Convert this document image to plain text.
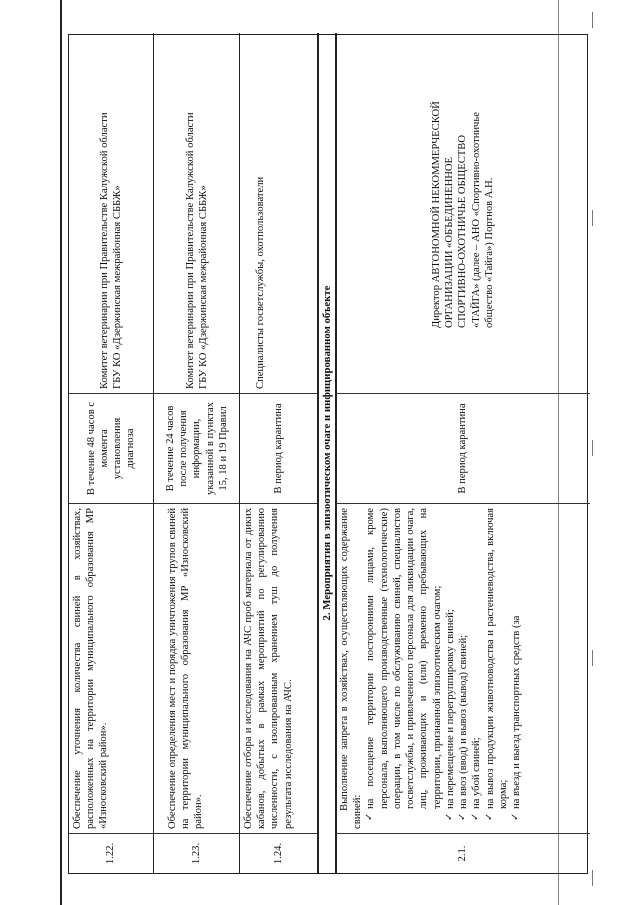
1.22.
Обеспечение уточнения количества свиней в хозяйствах, расположенных на территории муниципального образования МР «Износковский район».
В течение 48 часов с момента установления диагноза
Комитет ветеринарии при Правительстве Калужской области
ГБУ КО «Дзержинская межрайонная СББЖ»
1.23.
Обеспечение определения мест и порядка уничтожения трупов свиней на территории муниципального образования МР «Износковский район».
В течение 24 часов после получения информации, указанной в пунктах 15, 18 и 19 Правил
Комитет ветеринарии при Правительстве Калужской области
ГБУ КО «Дзержинская межрайонная СББЖ»
1.24.
Обеспечение отбора и исследования на АЧС проб материала от диких кабанов, добытых в рамках мероприятий по регулированию численности, с изолированным хранением туш до получения результата исследования на АЧС.
В период карантина
Специалисты госветслужбы, охотпользователи
2. Мероприятия в эпизоотическом очаге и инфицированном объекте
2.1.
Выполнение запрета в хозяйствах, осуществляющих содержание свиней:
✓ на посещение территории посторонними лицами, кроме персонала, выполняющего производственные (технологические) операции, в том числе по обслуживанию свиней, специалистов госветслужбы, и привлеченного персонала для ликвидации очага, лиц, проживающих и (или) временно пребывающих на территории, признанной эпизоотическим очагом; ✓ на перемещение и перегруппировку свиней; ✓ на ввоз (ввод) и вывоз (вывод) свиней; ✓ на убой свиней; ✓ на вывоз продукции животноводства и растениеводства, включая корма; ✓ на въезд и выезд транспортных средств (за
В период карантина
Директор АВТОНОМНОЙ НЕКОММЕРЧЕСКОЙ ОРГАНИЗАЦИИ «ОБЪЕДИНЕННОЕ СПОРТИВНО-ОХОТНИЧЬЕ ОБЩЕСТВО «ТАЙГА» (далее – АНО «Спортивно-охотничье общество «Тайга») Портнов А.Н.
